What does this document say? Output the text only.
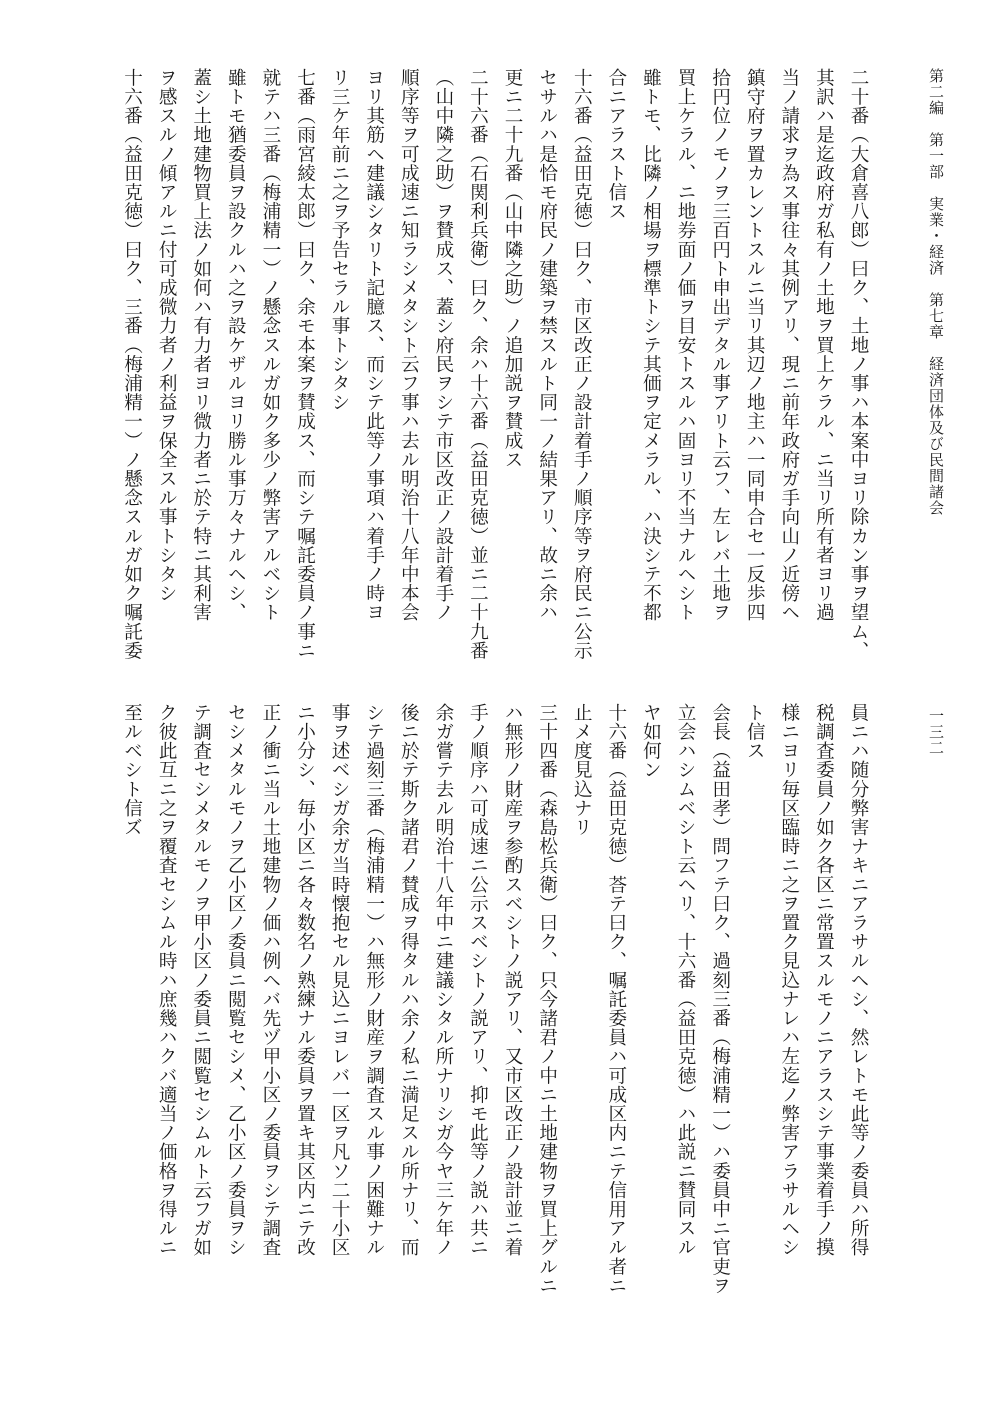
第二編　第一部　実業・経済　第七章　経済団体及び民間諸会

一三二

二十番（大倉喜八郎）曰ク、土地ノ事ハ本案中ヨリ除カン事ヲ望ム、

其訳ハ是迄政府ガ私有ノ土地ヲ買上ケラル、ニ当リ所有者ヨリ過

当ノ請求ヲ為ス事往々其例アリ、現ニ前年政府ガ手向山ノ近傍ヘ

鎮守府ヲ置カレントスルニ当リ其辺ノ地主ハ一同申合セ一反歩四

拾円位ノモノヲ三百円ト申出デタル事アリト云フ、左レバ土地ヲ

買上ケラル、ニ地券面ノ価ヲ目安トスルハ固ヨリ不当ナルヘシト

雖トモ、比隣ノ相場ヲ標準トシテ其価ヲ定メラル、ハ決シテ不都

合ニアラスト信ス

十六番（益田克徳）曰ク、市区改正ノ設計着手ノ順序等ヲ府民ニ公示

セサルハ是恰モ府民ノ建築ヲ禁スルト同一ノ結果アリ、故ニ余ハ

更ニ二十九番（山中隣之助）ノ追加説ヲ賛成ス

二十六番（石関利兵衛）曰ク、余ハ十六番（益田克徳）並ニ二十九番

（山中隣之助）ヲ賛成ス、蓋シ府民ヲシテ市区改正ノ設計着手ノ

順序等ヲ可成速ニ知ラシメタシト云フ事ハ去ル明治十八年中本会

ヨリ其筋ヘ建議シタリト記臆ス、而シテ此等ノ事項ハ着手ノ時ヨ

リ三ケ年前ニ之ヲ予告セラル事トシタシ

七番（雨宮綾太郎）曰ク、余モ本案ヲ賛成ス、而シテ嘱託委員ノ事ニ

就テハ三番（梅浦精一）ノ懸念スルガ如ク多少ノ弊害アルベシト

雖トモ猶委員ヲ設クルハ之ヲ設ケザルヨリ勝ル事万々ナルヘシ、

蓋シ土地建物買上法ノ如何ハ有力者ヨリ微力者ニ於テ特ニ其利害

ヲ感スルノ傾アルニ付可成微力者ノ利益ヲ保全スル事トシタシ

十六番（益田克徳）曰ク、三番（梅浦精一）ノ懸念スルガ如ク嘱託委

員ニハ随分弊害ナキニアラサルヘシ、然レトモ此等ノ委員ハ所得

税調査委員ノ如ク各区ニ常置スルモノニアラスシテ事業着手ノ摸

様ニヨリ毎区臨時ニ之ヲ置ク見込ナレハ左迄ノ弊害アラサルヘシ

ト信ス

会長（益田孝）問フテ曰ク、過刻三番（梅浦精一）ハ委員中ニ官吏ヲ

立会ハシムベシト云ヘリ、十六番（益田克徳）ハ此説ニ賛同スル

ヤ如何ン

十六番（益田克徳）荅テ曰ク、嘱託委員ハ可成区内ニテ信用アル者ニ

止メ度見込ナリ

三十四番（森島松兵衛）曰ク、只今諸君ノ中ニ土地建物ヲ買上グルニ

ハ無形ノ財産ヲ参酌スベシトノ説アリ、又市区改正ノ設計並ニ着

手ノ順序ハ可成速ニ公示スベシトノ説アリ、抑モ此等ノ説ハ共ニ

余ガ嘗テ去ル明治十八年中ニ建議シタル所ナリシガ今ヤ三ケ年ノ

後ニ於テ斯ク諸君ノ賛成ヲ得タルハ余ノ私ニ満足スル所ナリ、而

シテ過刻三番（梅浦精一）ハ無形ノ財産ヲ調査スル事ノ困難ナル

事ヲ述ベシガ余ガ当時懐抱セル見込ニヨレバ一区ヲ凡ソ二十小区

ニ小分シ、毎小区ニ各々数名ノ熟練ナル委員ヲ置キ其区内ニテ改

正ノ衝ニ当ル土地建物ノ価ハ例ヘバ先ヅ甲小区ノ委員ヲシテ調査

セシメタルモノヲ乙小区ノ委員ニ閲覧セシメ、乙小区ノ委員ヲシ

テ調査セシメタルモノヲ甲小区ノ委員ニ閲覧セシムルト云フガ如

ク彼此互ニ之ヲ覆査セシムル時ハ庶幾ハクバ適当ノ価格ヲ得ルニ

至ルベシト信ズ
